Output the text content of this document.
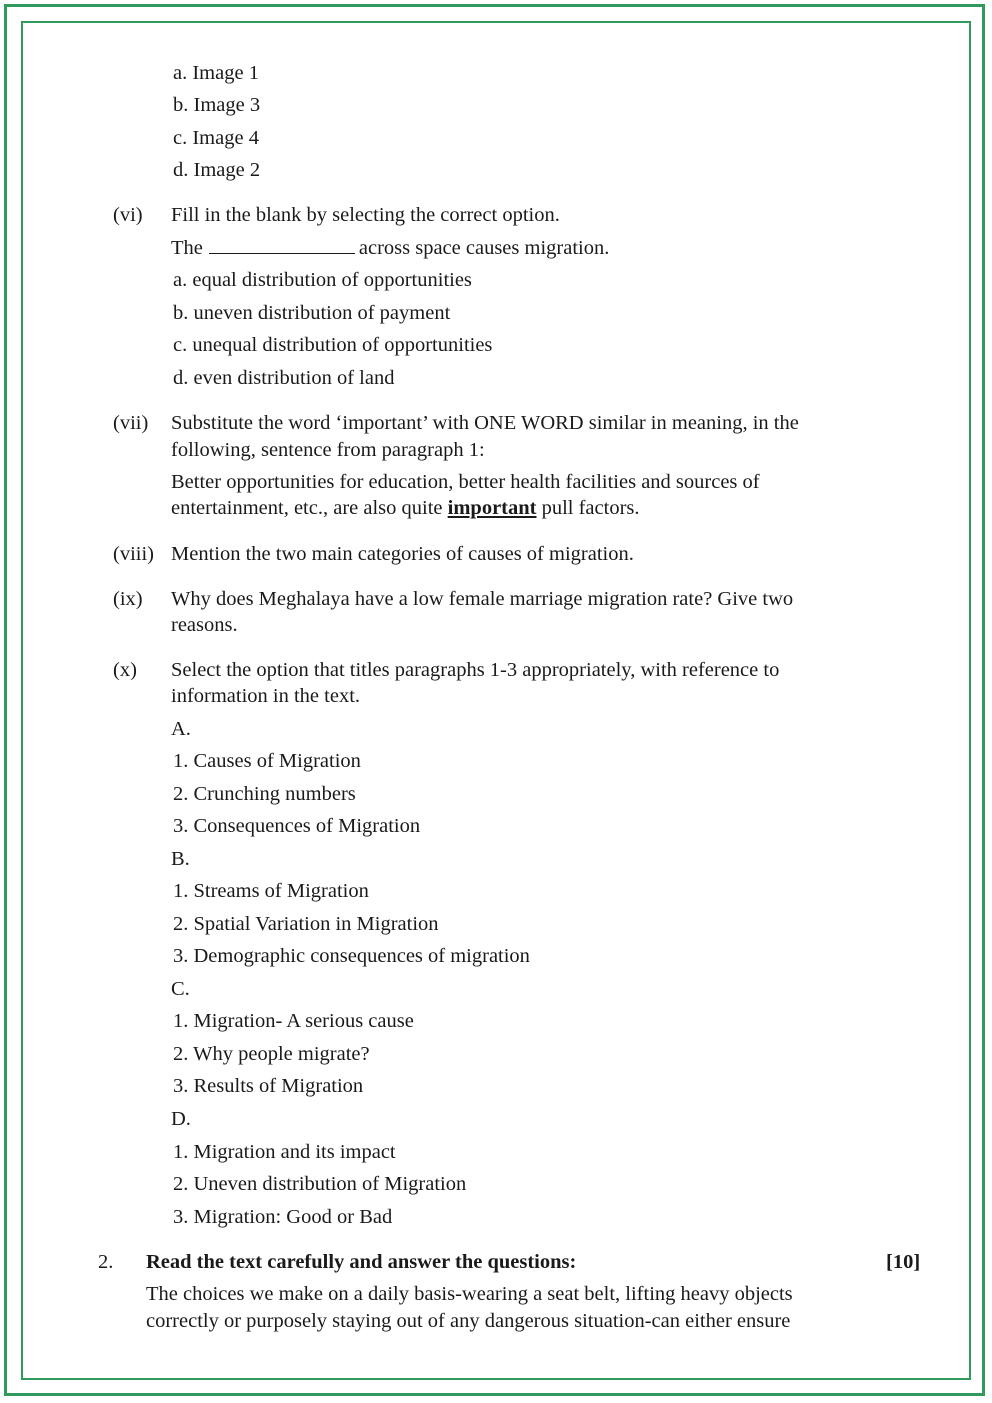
a. Image 1
b. Image 3
c. Image 4
d. Image 2
(vi) Fill in the blank by selecting the correct option.
The	across space causes migration.
a. equal distribution of opportunities
b. uneven distribution of payment
c. unequal distribution of opportunities
d. even distribution of land
(vii) Substitute the word ‘important’ with ONE WORD similar in meaning, in the
following, sentence from paragraph 1:
Better opportunities for education, better health facilities and sources of
entertainment, etc., are also quite important pull factors.
(viii) Mention the two main categories of causes of migration.
(ix) Why does Meghalaya have a low female marriage migration rate? Give two
reasons.
(x) Select the option that titles paragraphs 1-3 appropriately, with reference to
information in the text.
A.
1. Causes of Migration
2. Crunching numbers
3. Consequences of Migration
B.
1. Streams of Migration
2. Spatial Variation in Migration
3. Demographic consequences of migration
C.
1. Migration- A serious cause
2. Why people migrate?
3. Results of Migration
D.
1. Migration and its impact
2. Uneven distribution of Migration
3. Migration: Good or Bad
2. Read the text carefully and answer the questions:	[10]
The choices we make on a daily basis-wearing a seat belt, lifting heavy objects
correctly or purposely staying out of any dangerous situation-can either ensure
